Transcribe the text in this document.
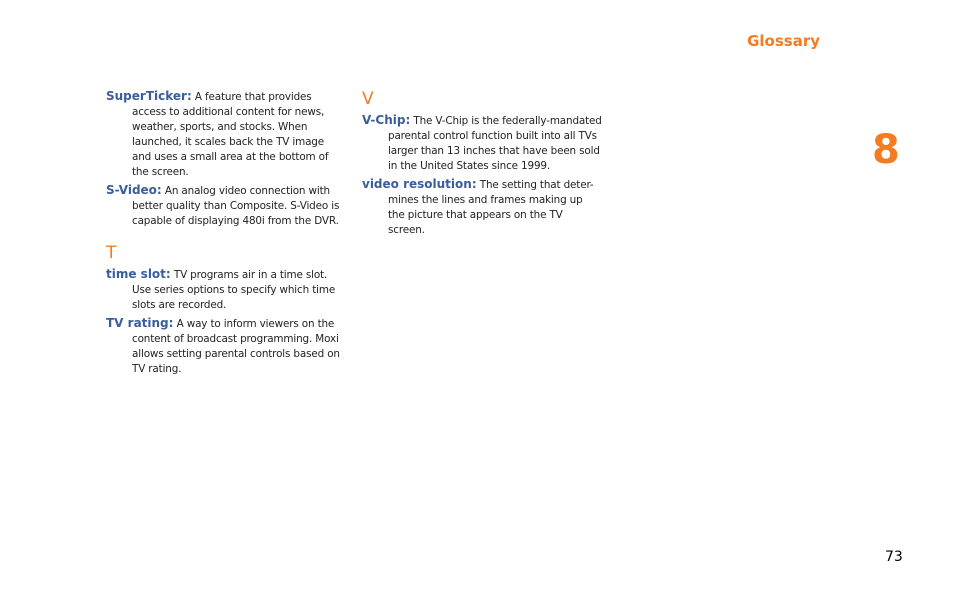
Glossary
8
SuperTicker: A feature that provides access to additional content for news, weather, sports, and stocks. When launched, it scales back the TV image and uses a small area at the bottom of the screen.
S-Video: An analog video connection with better quality than Composite. S-Video is capable of displaying 480i from the DVR.
T
time slot: TV programs air in a time slot. Use series options to specify which time slots are recorded.
TV rating: A way to inform viewers on the content of broadcast programming. Moxi allows setting parental controls based on TV rating.
V
V-Chip: The V-Chip is the federally-mandated parental control function built into all TVs larger than 13 inches that have been sold in the United States since 1999.
video resolution: The setting that deter-mines the lines and frames making up the picture that appears on the TV screen.
73
